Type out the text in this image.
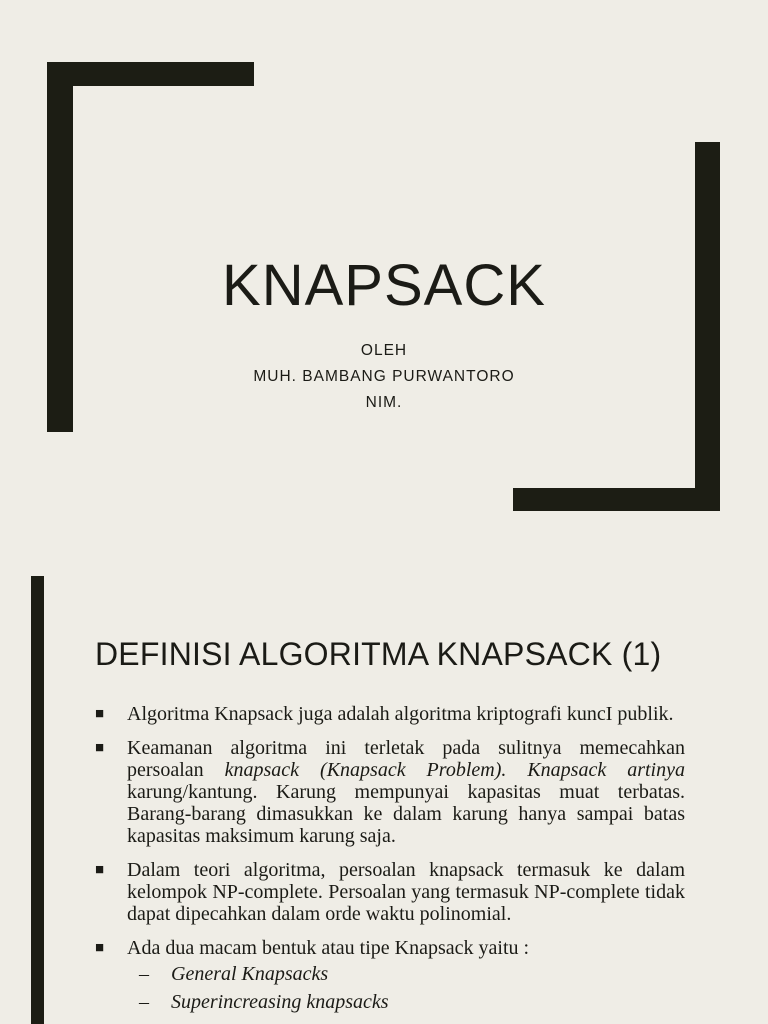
KNAPSACK
OLEH
MUH. BAMBANG PURWANTORO
NIM.
DEFINISI ALGORITMA KNAPSACK (1)
■ Algoritma Knapsack juga adalah algoritma kriptografi kuncI publik.
■ Keamanan algoritma ini terletak pada sulitnya memecahkan persoalan knapsack (Knapsack Problem). Knapsack artinya karung/kantung. Karung mempunyai kapasitas muat terbatas. Barang-barang dimasukkan ke dalam karung hanya sampai batas kapasitas maksimum karung saja.
■ Dalam teori algoritma, persoalan knapsack termasuk ke dalam kelompok NP-complete. Persoalan yang termasuk NP-complete tidak dapat dipecahkan dalam orde waktu polinomial.
■ Ada dua macam bentuk atau tipe Knapsack yaitu :
– General Knapsacks
– Superincreasing knapsacks
